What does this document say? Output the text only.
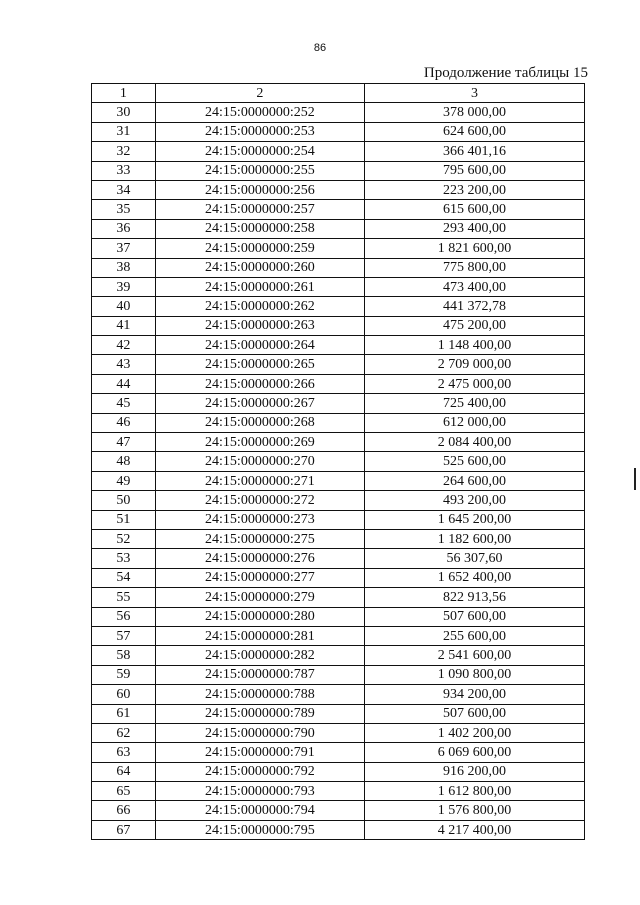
86
Продолжение таблицы 15
1	2	3
30	24:15:0000000:252	378 000,00
31	24:15:0000000:253	624 600,00
32	24:15:0000000:254	366 401,16
33	24:15:0000000:255	795 600,00
34	24:15:0000000:256	223 200,00
35	24:15:0000000:257	615 600,00
36	24:15:0000000:258	293 400,00
37	24:15:0000000:259	1 821 600,00
38	24:15:0000000:260	775 800,00
39	24:15:0000000:261	473 400,00
40	24:15:0000000:262	441 372,78
41	24:15:0000000:263	475 200,00
42	24:15:0000000:264	1 148 400,00
43	24:15:0000000:265	2 709 000,00
44	24:15:0000000:266	2 475 000,00
45	24:15:0000000:267	725 400,00
46	24:15:0000000:268	612 000,00
47	24:15:0000000:269	2 084 400,00
48	24:15:0000000:270	525 600,00
49	24:15:0000000:271	264 600,00
50	24:15:0000000:272	493 200,00
51	24:15:0000000:273	1 645 200,00
52	24:15:0000000:275	1 182 600,00
53	24:15:0000000:276	56 307,60
54	24:15:0000000:277	1 652 400,00
55	24:15:0000000:279	822 913,56
56	24:15:0000000:280	507 600,00
57	24:15:0000000:281	255 600,00
58	24:15:0000000:282	2 541 600,00
59	24:15:0000000:787	1 090 800,00
60	24:15:0000000:788	934 200,00
61	24:15:0000000:789	507 600,00
62	24:15:0000000:790	1 402 200,00
63	24:15:0000000:791	6 069 600,00
64	24:15:0000000:792	916 200,00
65	24:15:0000000:793	1 612 800,00
66	24:15:0000000:794	1 576 800,00
67	24:15:0000000:795	4 217 400,00
